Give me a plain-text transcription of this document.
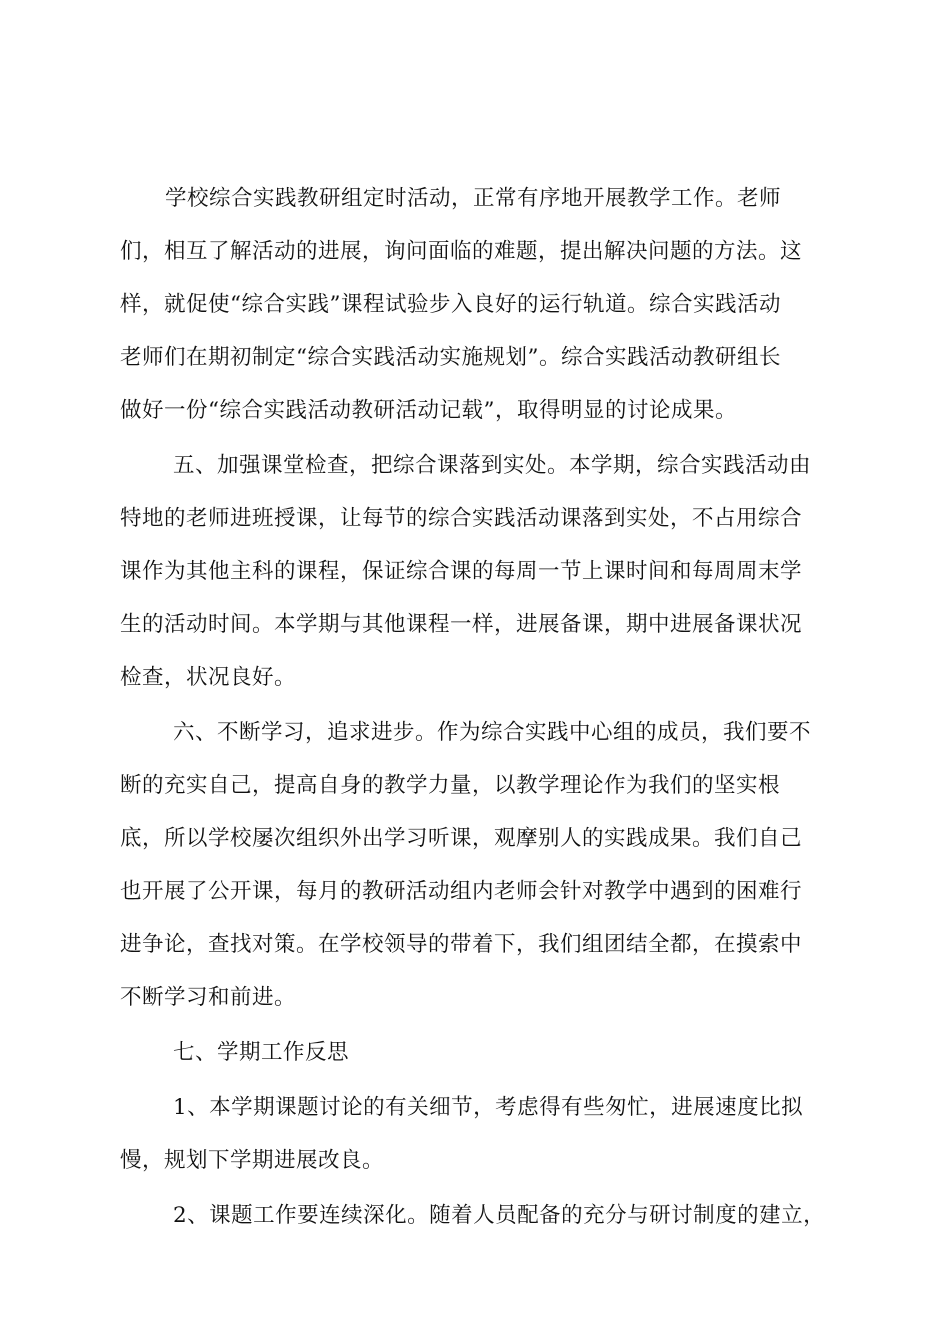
学校综合实践教研组定时活动，正常有序地开展教学工作。老师
们，相互了解活动的进展，询问面临的难题，提出解决问题的方法。这
样，就促使“综合实践”课程试验步入良好的运行轨道。综合实践活动
老师们在期初制定“综合实践活动实施规划”。综合实践活动教研组长
做好一份“综合实践活动教研活动记载”，取得明显的讨论成果。
五、加强课堂检查，把综合课落到实处。本学期，综合实践活动由
特地的老师进班授课，让每节的综合实践活动课落到实处，不占用综合
课作为其他主科的课程，保证综合课的每周一节上课时间和每周周末学
生的活动时间。本学期与其他课程一样，进展备课，期中进展备课状况
检查，状况良好。
六、不断学习，追求进步。作为综合实践中心组的成员，我们要不
断的充实自己，提高自身的教学力量，以教学理论作为我们的坚实根
底，所以学校屡次组织外出学习听课，观摩别人的实践成果。我们自己
也开展了公开课，每月的教研活动组内老师会针对教学中遇到的困难行
进争论，查找对策。在学校领导的带着下，我们组团结全都，在摸索中
不断学习和前进。
七、学期工作反思
1、本学期课题讨论的有关细节，考虑得有些匆忙，进展速度比拟
慢，规划下学期进展改良。
2、课题工作要连续深化。随着人员配备的充分与研讨制度的建立，
